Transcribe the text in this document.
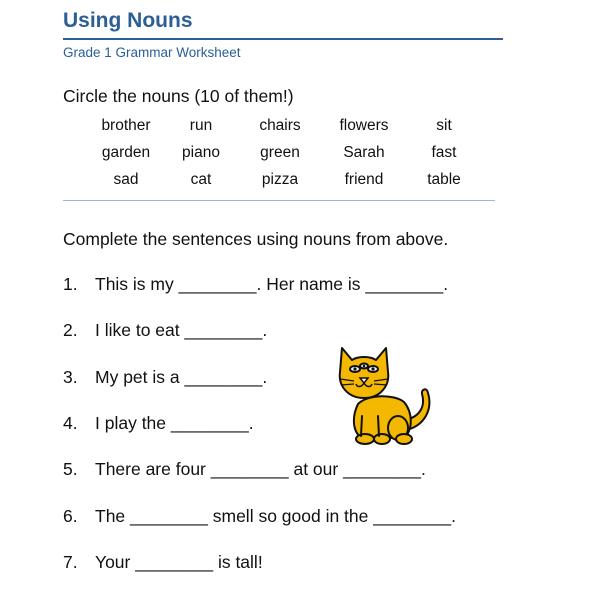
Using Nouns
Grade 1 Grammar Worksheet
Circle the nouns (10 of them!)
brother	run	chairs	flowers	sit
garden	piano	green	Sarah	fast
sad	cat	pizza	friend	table
Complete the sentences using nouns from above.
1. This is my ________. Her name is ________.
2. I like to eat ________.
3. My pet is a ________.
4. I play the ________.
5. There are four ________ at our ________.
6. The ________ smell so good in the ________.
7. Your ________ is tall!
